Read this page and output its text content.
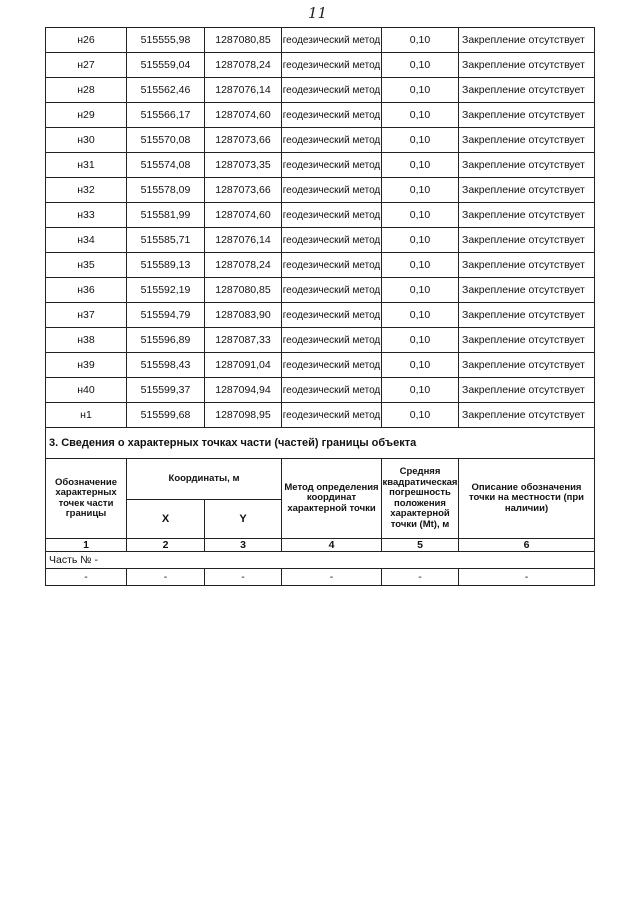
11
н26	515555,98	1287080,85	геодезический метод	0,10	Закрепление отсутствует
н27	515559,04	1287078,24	геодезический метод	0,10	Закрепление отсутствует
н28	515562,46	1287076,14	геодезический метод	0,10	Закрепление отсутствует
н29	515566,17	1287074,60	геодезический метод	0,10	Закрепление отсутствует
н30	515570,08	1287073,66	геодезический метод	0,10	Закрепление отсутствует
н31	515574,08	1287073,35	геодезический метод	0,10	Закрепление отсутствует
н32	515578,09	1287073,66	геодезический метод	0,10	Закрепление отсутствует
н33	515581,99	1287074,60	геодезический метод	0,10	Закрепление отсутствует
н34	515585,71	1287076,14	геодезический метод	0,10	Закрепление отсутствует
н35	515589,13	1287078,24	геодезический метод	0,10	Закрепление отсутствует
н36	515592,19	1287080,85	геодезический метод	0,10	Закрепление отсутствует
н37	515594,79	1287083,90	геодезический метод	0,10	Закрепление отсутствует
н38	515596,89	1287087,33	геодезический метод	0,10	Закрепление отсутствует
н39	515598,43	1287091,04	геодезический метод	0,10	Закрепление отсутствует
н40	515599,37	1287094,94	геодезический метод	0,10	Закрепление отсутствует
н1	515599,68	1287098,95	геодезический метод	0,10	Закрепление отсутствует
3. Сведения о характерных точках части (частей) границы объекта					
Обозначение характерных точек части границы	Координаты, м		Метод определения координат характерной точки	Средняя квадратическая погрешность положения характерной точки (Mt), м	Описание обозначения точки на местности (при наличии)
	X	Y			
1	2	3	4	5	6
Часть № -					
-	-	-	-	-	-
